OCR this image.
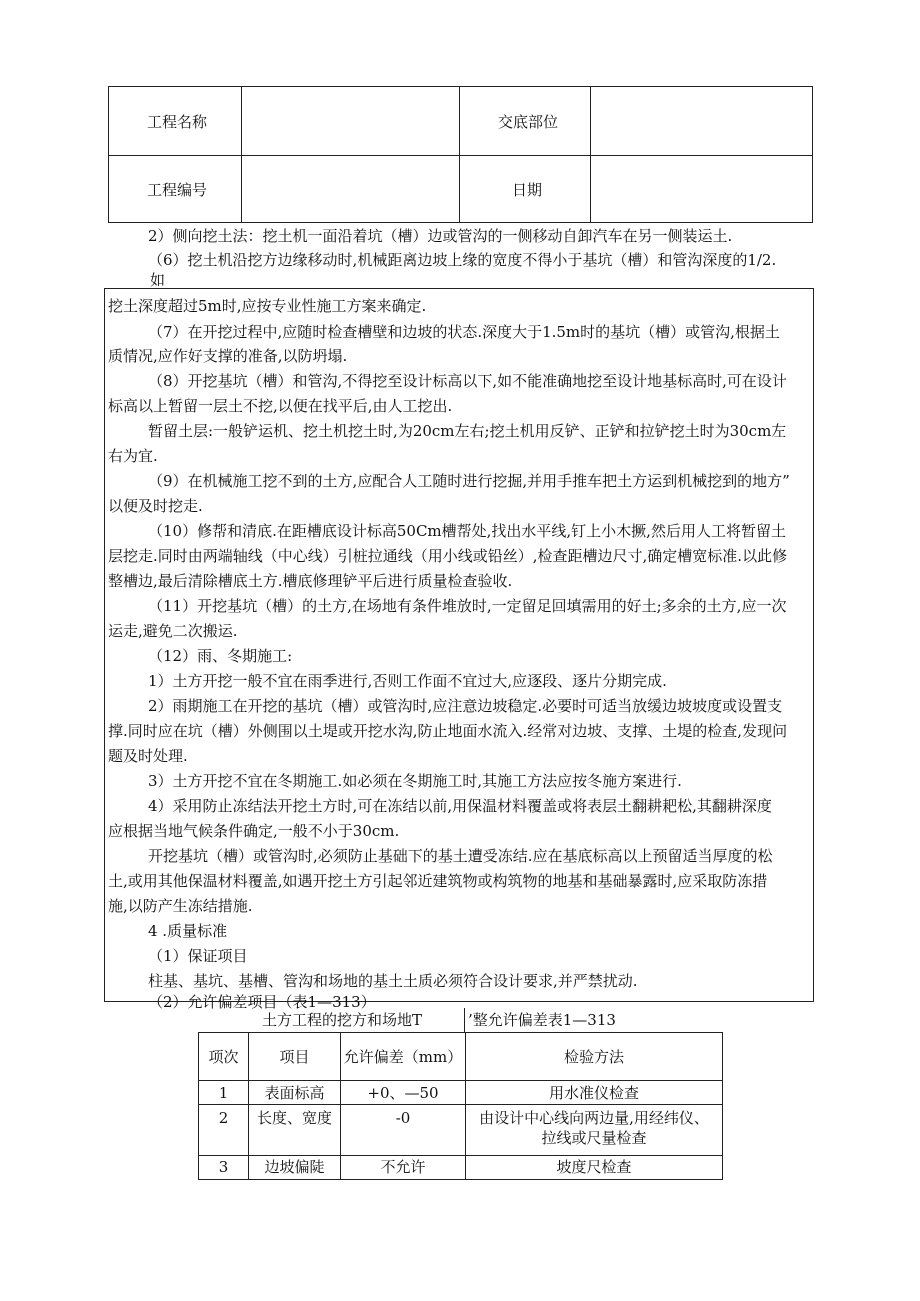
工程名称		交底部位	
工程编号		日期	
2）侧向挖土法：挖土机一面沿着坑（槽）边或管沟的一侧移动自卸汽车在另一侧装运土.
（6）挖土机沿挖方边缘移动时,机械距离边坡上缘的宽度不得小于基坑（槽）和管沟深度的1/2.
如
挖土深度超过5m时,应按专业性施工方案来确定.
（7）在开挖过程中,应随时检查槽壁和边坡的状态.深度大于1.5m时的基坑（槽）或管沟,根据土
质情况,应作好支撑的准备,以防坍塌.
（8）开挖基坑（槽）和管沟,不得挖至设计标高以下,如不能准确地挖至设计地基标高时,可在设计
标高以上暂留一层土不挖,以便在找平后,由人工挖出.
暂留土层:一般铲运机、挖土机挖土时,为20cm左右;挖土机用反铲、正铲和拉铲挖土时为30cm左
右为宜.
（9）在机械施工挖不到的土方,应配合人工随时进行挖掘,并用手推车把土方运到机械挖到的地方”
以便及时挖走.
（10）修帮和清底.在距槽底设计标高50Cm槽帮处,找出水平线,钉上小木撅,然后用人工将暂留土
层挖走.同时由两端轴线（中心线）引桩拉通线（用小线或铅丝）,检查距槽边尺寸,确定槽宽标准.以此修
整槽边,最后清除槽底土方.槽底修理铲平后进行质量检查验收.
（11）开挖基坑（槽）的土方,在场地有条件堆放时,一定留足回填需用的好土;多余的土方,应一次
运走,避免二次搬运.
（12）雨、冬期施工:
1）土方开挖一般不宜在雨季进行,否则工作面不宜过大,应逐段、逐片分期完成.
2）雨期施工在开挖的基坑（槽）或管沟时,应注意边坡稳定.必要时可适当放缓边坡坡度或设置支
撑.同时应在坑（槽）外侧围以土堤或开挖水沟,防止地面水流入.经常对边坡、支撑、土堤的检查,发现问
题及时处理.
3）土方开挖不宜在冬期施工.如必须在冬期施工时,其施工方法应按冬施方案进行.
4）采用防止冻结法开挖土方时,可在冻结以前,用保温材料覆盖或将表层土翻耕耙松,其翻耕深度
应根据当地气候条件确定,一般不小于30cm.
开挖基坑（槽）或管沟时,必须防止基础下的基土遭受冻结.应在基底标高以上预留适当厚度的松
土,或用其他保温材料覆盖,如遇开挖土方引起邻近建筑物或构筑物的地基和基础暴露时,应采取防冻措
施,以防产生冻结措施.
4 .质量标准
（1）保证项目
柱基、基坑、基槽、管沟和场地的基土土质必须符合设计要求,并严禁扰动.
（2）允许偏差项目（表1—313）
土方工程的挖方和场地T	’整允许偏差表1—313
项次	项目	允许偏差（mm）	检验方法
1	表面标高	+0、—50	用水准仪检查
2	长度、宽度	-0	由设计中心线向两边量,用经纬仪、
拉线或尺量检查

3	边坡偏陡	不允许	坡度尺检查
